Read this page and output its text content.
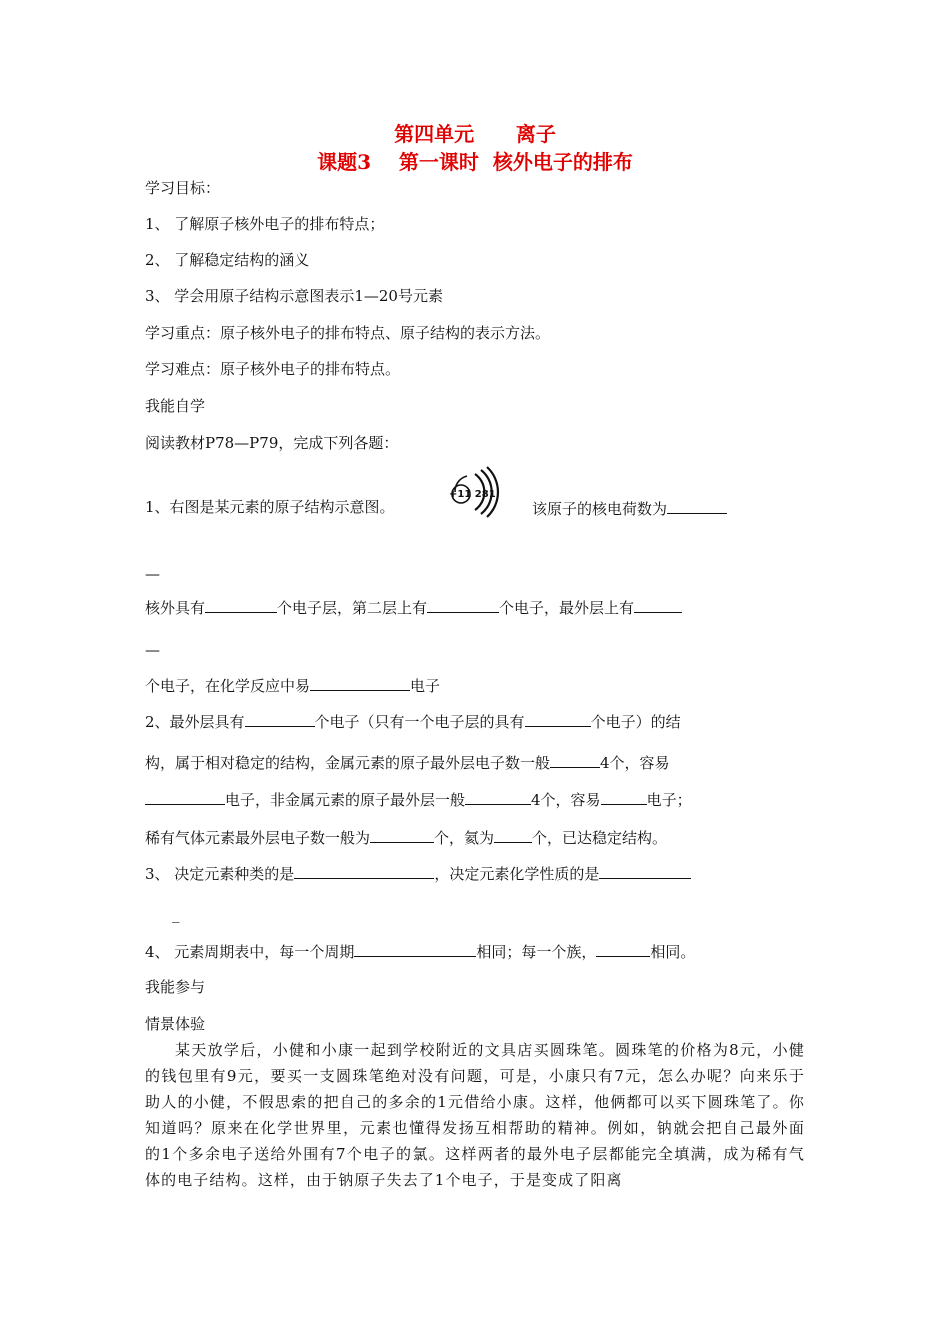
第四单元      离子
课题3    第一课时  核外电子的排布
学习目标：
1、 了解原子核外电子的排布特点；
2、 了解稳定结构的涵义
3、 学会用原子结构示意图表示1—20号元素
学习重点：原子核外电子的排布特点、原子结构的表示方法。
学习难点：原子核外电子的排布特点。
我能自学
阅读教材P78—P79，完成下列各题：
1、右图是某元素的原子结构示意图。
+11 281
该原子的核电荷数为
—
核外具有	个电子层，第二层上有	个电子，最外层上有
—
个电子，在化学反应中易	电子
2、最外层具有	个电子（只有一个电子层的具有	个电子）的结
构，属于相对稳定的结构，金属元素的原子最外层电子数一般	4个，容易
电子，非金属元素的原子最外层一般	4个，容易	电子；
稀有气体元素最外层电子数一般为	个，氦为	个，已达稳定结构。
3、 决定元素种类的是	，决定元素化学性质的是
_
4、 元素周期表中，每一个周期	相同；每一个族，	相同。
我能参与
情景体验
某天放学后，小健和小康一起到学校附近的文具店买圆珠笔。圆珠笔的价格为8元，小健的钱包里有9元，要买一支圆珠笔绝对没有问题，可是，小康只有7元，怎么办呢？向来乐于助人的小健，不假思索的把自己的多余的1元借给小康。这样，他俩都可以买下圆珠笔了。你知道吗？原来在化学世界里，元素也懂得发扬互相帮助的精神。例如，钠就会把自己最外面的1个多余电子送给外围有7个电子的氯。这样两者的最外电子层都能完全填满，成为稀有气体的电子结构。这样，由于钠原子失去了1个电子，于是变成了阳离
